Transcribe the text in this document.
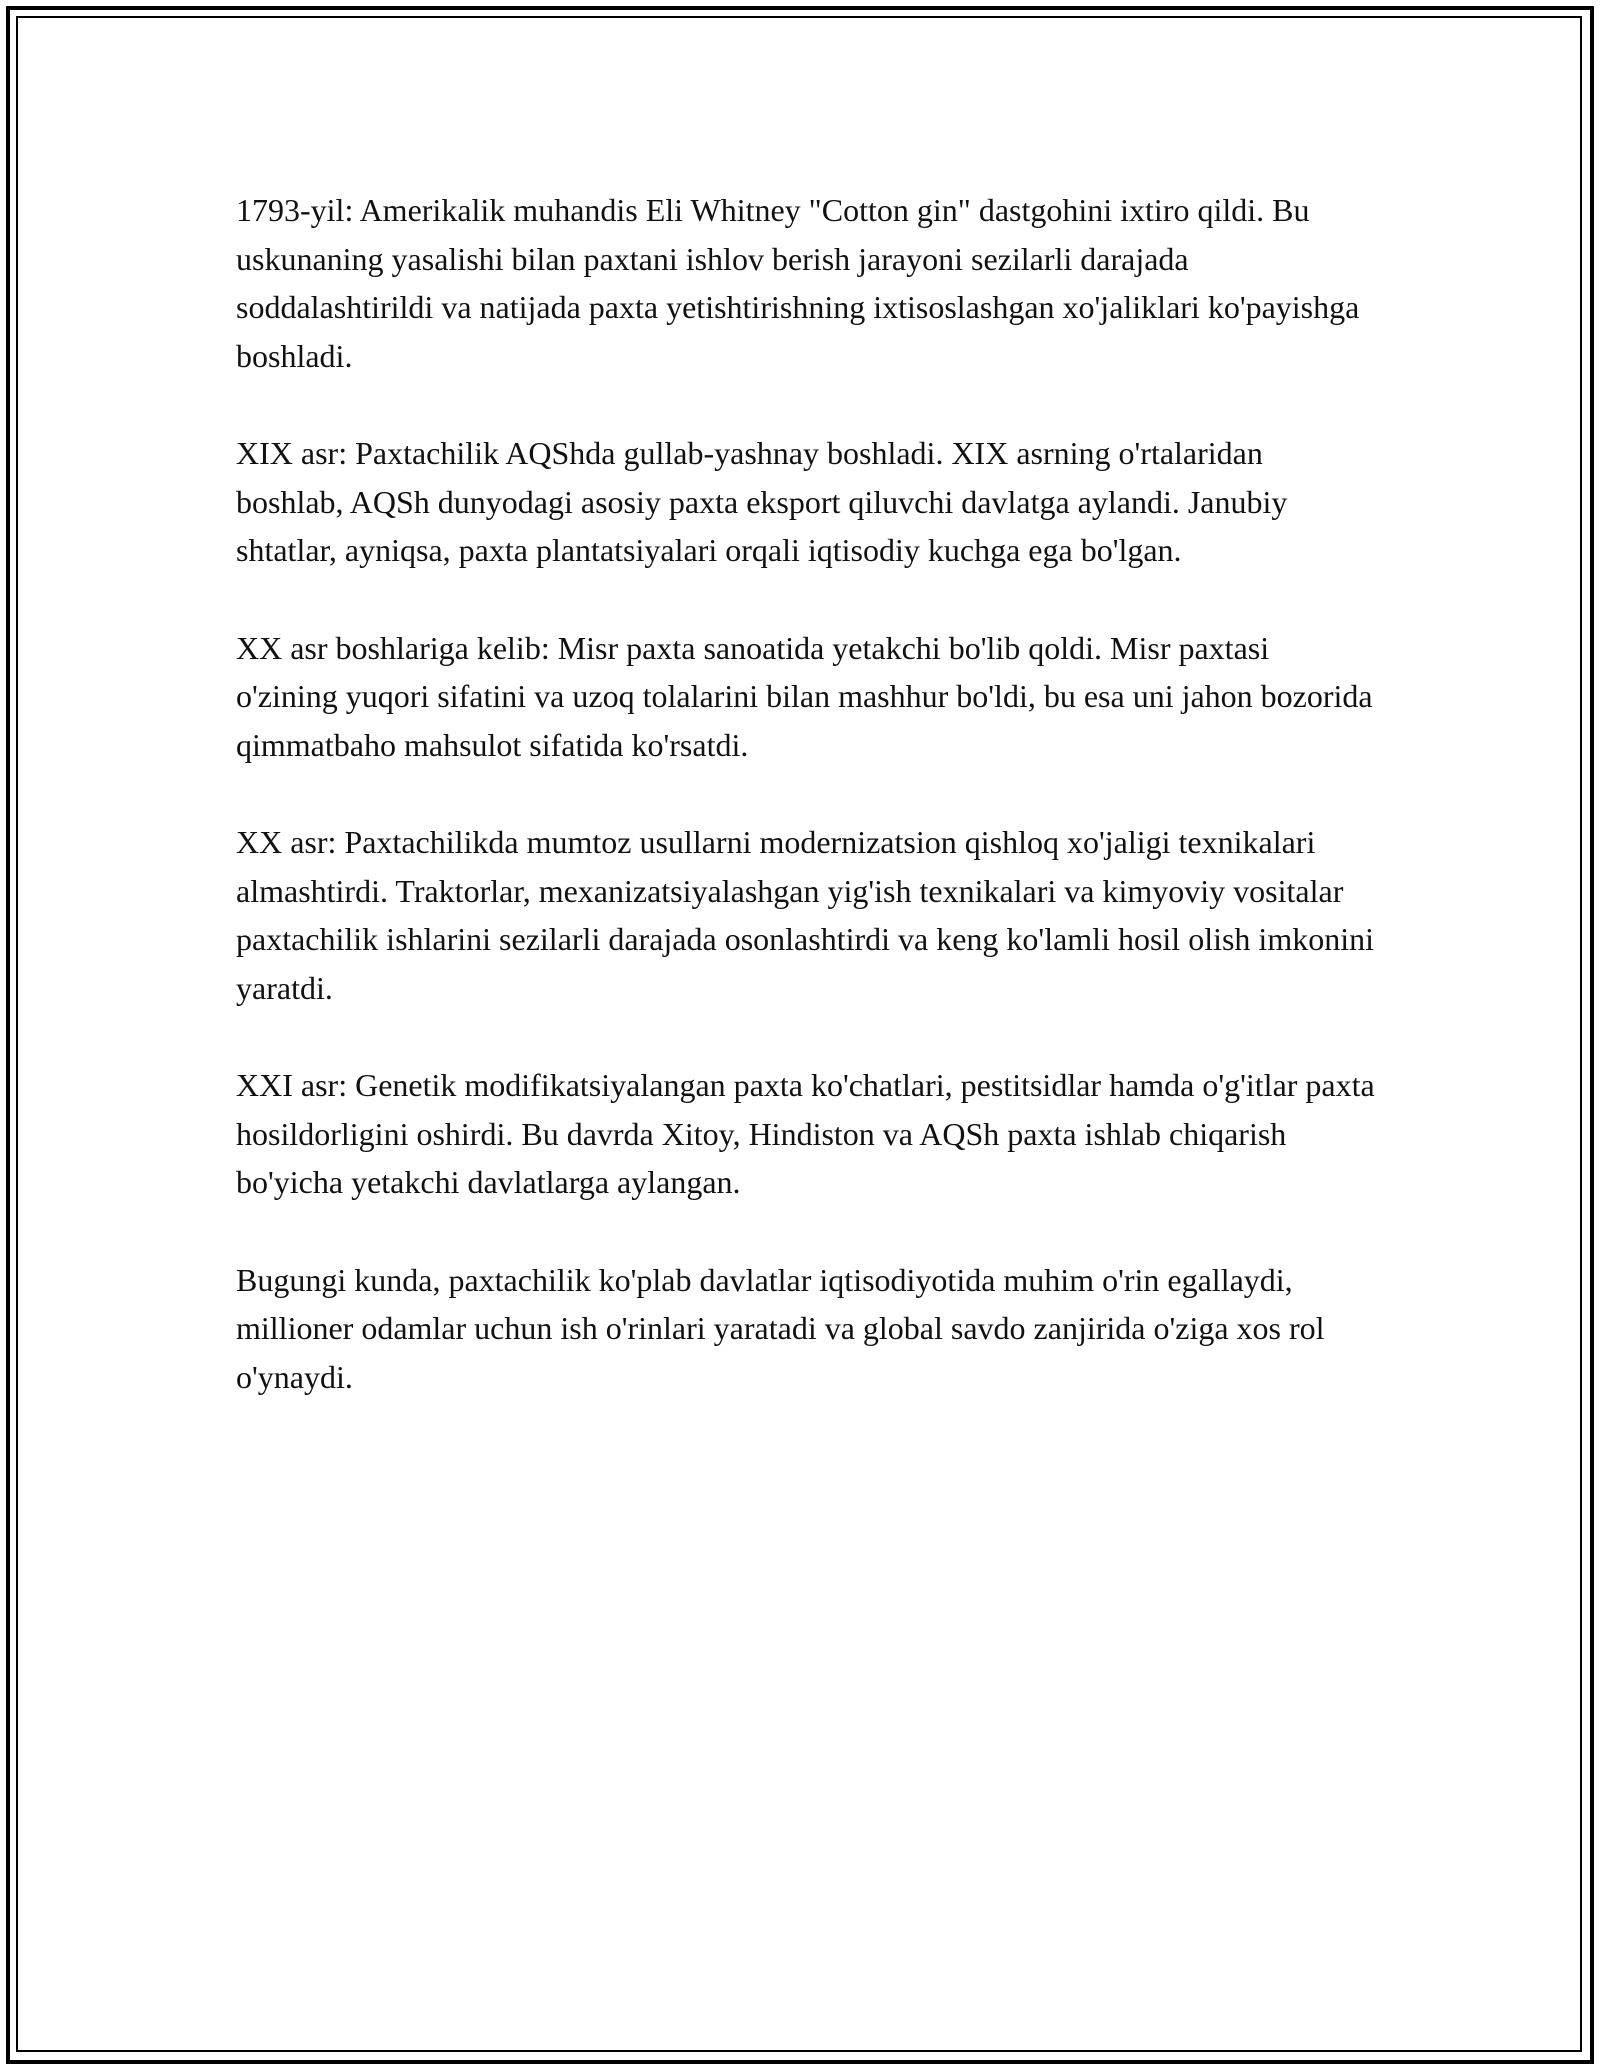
1793-yil: Amerikalik muhandis Eli Whitney "Cotton gin" dastgohini ixtiro qildi. Bu uskunaning yasalishi bilan paxtani ishlov berish jarayoni sezilarli darajada soddalashtirildi va natijada paxta yetishtirishning ixtisoslashgan xo'jaliklari ko'payishga boshladi.

XIX asr: Paxtachilik AQShda gullab-yashnay boshladi. XIX asrning o'rtalaridan boshlab, AQSh dunyodagi asosiy paxta eksport qiluvchi davlatga aylandi. Janubiy shtatlar, ayniqsa, paxta plantatsiyalari orqali iqtisodiy kuchga ega bo'lgan.

XX asr boshlariga kelib: Misr paxta sanoatida yetakchi bo'lib qoldi. Misr paxtasi o'zining yuqori sifatini va uzoq tolalarini bilan mashhur bo'ldi, bu esa uni jahon bozorida qimmatbaho mahsulot sifatida ko'rsatdi.

XX asr: Paxtachilikda mumtoz usullarni modernizatsion qishloq xo'jaligi texnikalari almashtirdi. Traktorlar, mexanizatsiyalashgan yig'ish texnikalari va kimyoviy vositalar paxtachilik ishlarini sezilarli darajada osonlashtirdi va keng ko'lamli hosil olish imkonini yaratdi.

XXI asr: Genetik modifikatsiyalangan paxta ko'chatlari, pestitsidlar hamda o'g'itlar paxta hosildorligini oshirdi. Bu davrda Xitoy, Hindiston va AQSh paxta ishlab chiqarish bo'yicha yetakchi davlatlarga aylangan.

Bugungi kunda, paxtachilik ko'plab davlatlar iqtisodiyotida muhim o'rin egallaydi, millioner odamlar uchun ish o'rinlari yaratadi va global savdo zanjirida o'ziga xos rol o'ynaydi.
